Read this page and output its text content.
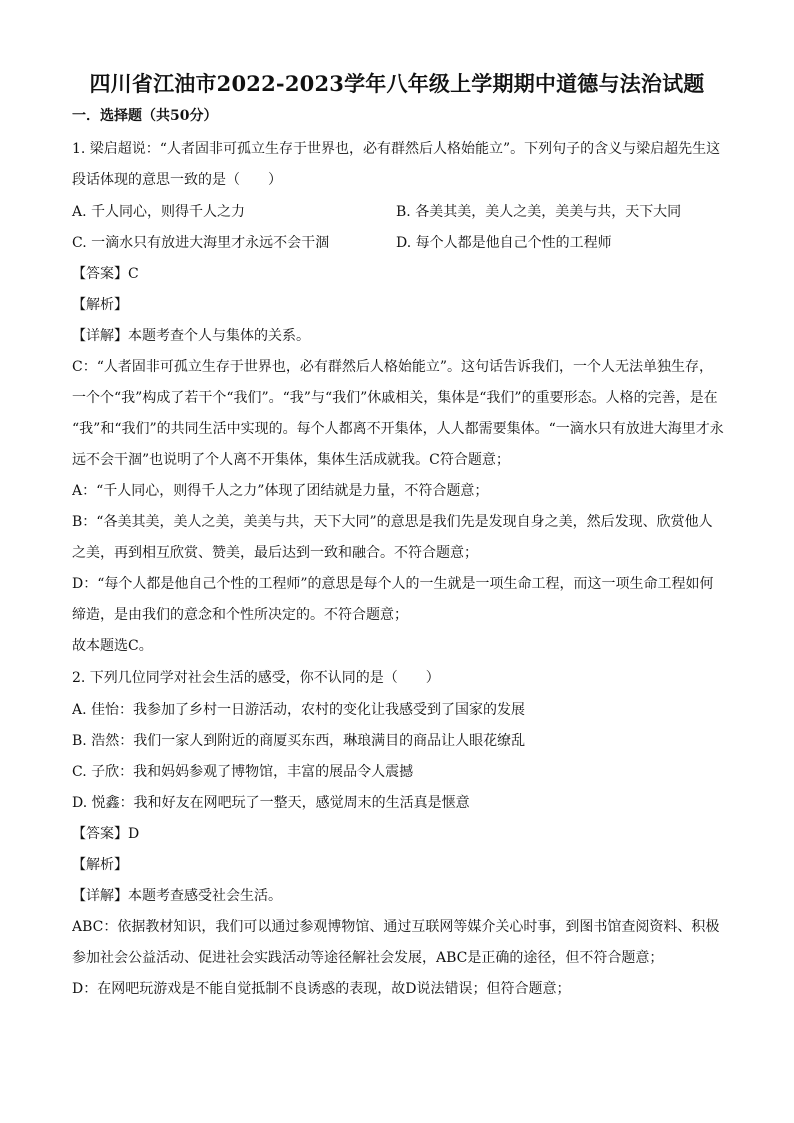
四川省江油市2022-2023学年八年级上学期期中道德与法治试题
一．选择题（共50分）
1. 梁启超说：“人者固非可孤立生存于世界也，必有群然后人格始能立”。下列句子的含义与梁启超先生这
段话体现的意思一致的是（　　）
A. 千人同心，则得千人之力	B. 各美其美，美人之美，美美与共，天下大同
C. 一滴水只有放进大海里才永远不会干涸	D. 每个人都是他自己个性的工程师
【答案】C
【解析】
【详解】本题考查个人与集体的关系。
C：“人者固非可孤立生存于世界也，必有群然后人格始能立”。这句话告诉我们，一个人无法单独生存，
一个个“我”构成了若干个“我们”。“我”与“我们”休戚相关，集体是“我们”的重要形态。人格的完善，是在
“我”和“我们”的共同生活中实现的。每个人都离不开集体，人人都需要集体。“一滴水只有放进大海里才永
远不会干涸”也说明了个人离不开集体，集体生活成就我。C符合题意；
A：“千人同心，则得千人之力”体现了团结就是力量，不符合题意；
B：“各美其美，美人之美，美美与共，天下大同”的意思是我们先是发现自身之美，然后发现、欣赏他人
之美，再到相互欣赏、赞美，最后达到一致和融合。不符合题意；
D：“每个人都是他自己个性的工程师”的意思是每个人的一生就是一项生命工程，而这一项生命工程如何
缔造，是由我们的意念和个性所决定的。不符合题意；
故本题选C。
2. 下列几位同学对社会生活的感受，你不认同的是（　　）
A. 佳怡：我参加了乡村一日游活动，农村的变化让我感受到了国家的发展
B. 浩然：我们一家人到附近的商厦买东西，琳琅满目的商品让人眼花缭乱
C. 子欣：我和妈妈参观了博物馆，丰富的展品令人震撼
D. 悦鑫：我和好友在网吧玩了一整天，感觉周末的生活真是惬意
【答案】D
【解析】
【详解】本题考查感受社会生活。
ABC：依据教材知识，我们可以通过参观博物馆、通过互联网等媒介关心时事，到图书馆查阅资料、积极
参加社会公益活动、促进社会实践活动等途径解社会发展，ABC是正确的途径，但不符合题意；
D：在网吧玩游戏是不能自觉抵制不良诱惑的表现，故D说法错误；但符合题意；
